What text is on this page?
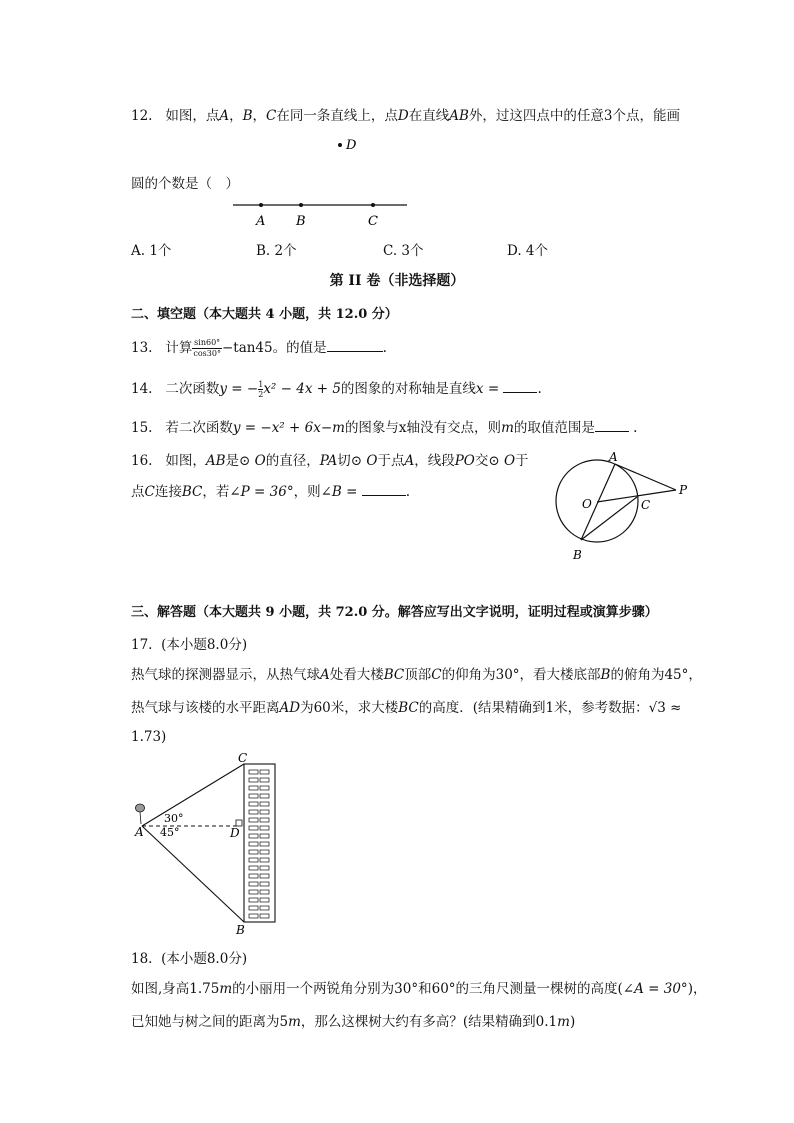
12. 如图，点A，B，C在同一条直线上，点D在直线AB外，过这四点中的任意3个点，能画
D
A B	C
圆的个数是（　）
A. 1个	B. 2个	C. 3个	D. 4个
第 II 卷（非选择题）
二、填空题（本大题共 4 小题，共 12.0 分）
13. 计算 $\frac{\sin 60^\circ}{\cos 30^\circ} -\tan 45$。的值是	.
14. 二次函数y = − $\frac{1}{2}x^2 - 4x + 5$的图象的对称轴是直线x =	.
15. 若二次函数y = −x² + 6x−m的图象与x轴没有交点，则m的取值范围是	.
16. 如图，AB是⊙ O的直径，PA切⊙ O于点A，线段PO交⊙ O于
点C连接BC，若∠P = 36°，则∠B =	.
A
O	C
P
B
三、解答题（本大题共 9 小题，共 72.0 分。解答应写出文字说明，证明过程或演算步骤）
17. (本小题8.0分)
热气球的探测器显示，从热气球A处看大楼BC顶部C的仰角为30°，看大楼底部B的俯角为45°，
热气球与该楼的水平距离AD为60米，求大楼BC的高度．(结果精确到1米，参考数据：√3 ≈
1.73)
C
A	D
B
30°
45°
18. (本小题8.0分)
如图,身高1.75m的小丽用一个两锐角分别为30°和60°的三角尺测量一棵树的高度(∠A = 30°)，
已知她与树之间的距离为5m，那么这棵树大约有多高？(结果精确到0.1m)
